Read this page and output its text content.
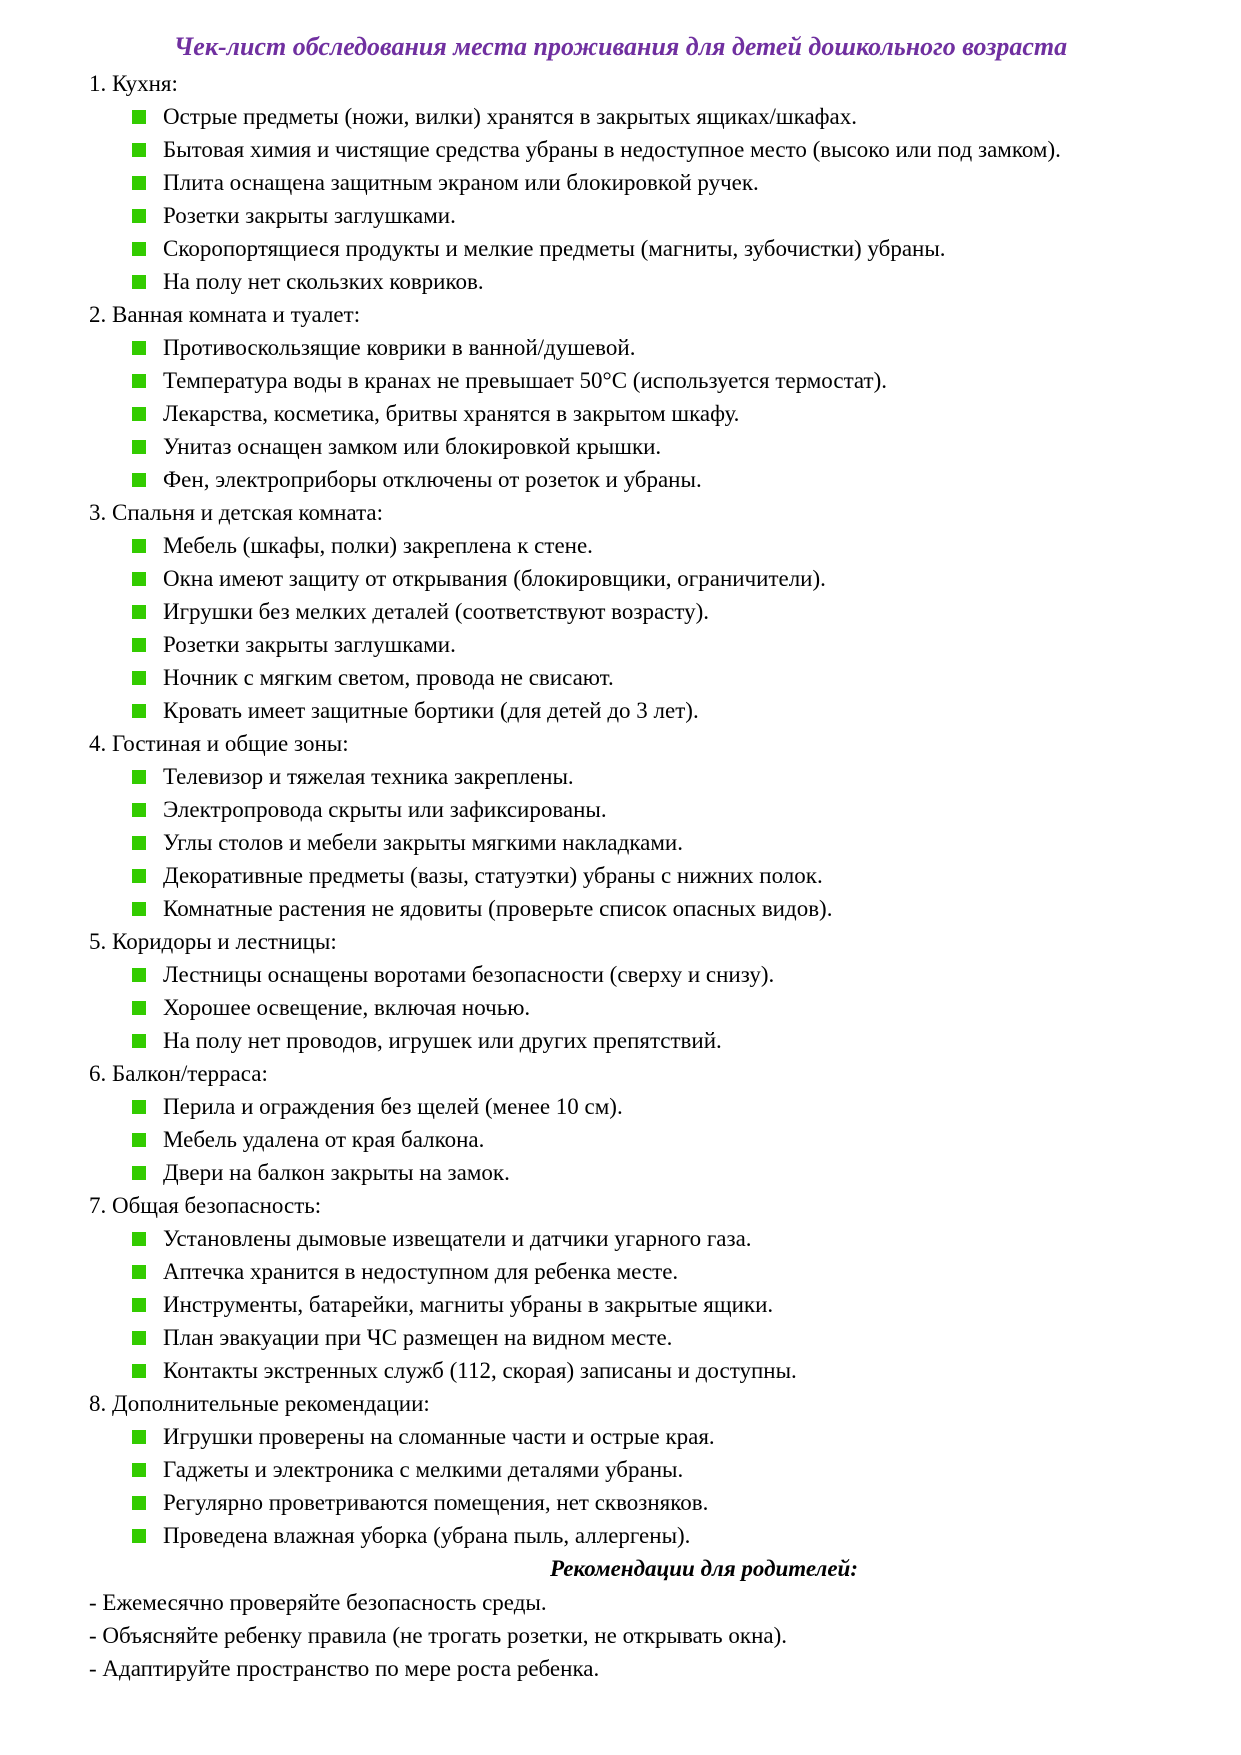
Чек-лист обследования места проживания для детей дошкольного возраста
1. Кухня:
Острые предметы (ножи, вилки) хранятся в закрытых ящиках/шкафах.
Бытовая химия и чистящие средства убраны в недоступное место (высоко или под замком).
Плита оснащена защитным экраном или блокировкой ручек.
Розетки закрыты заглушками.
Скоропортящиеся продукты и мелкие предметы (магниты, зубочистки) убраны.
На полу нет скользких ковриков.
2. Ванная комната и туалет:
Противоскользящие коврики в ванной/душевой.
Температура воды в кранах не превышает 50°C (используется термостат).
Лекарства, косметика, бритвы хранятся в закрытом шкафу.
Унитаз оснащен замком или блокировкой крышки.
Фен, электроприборы отключены от розеток и убраны.
3. Спальня и детская комната:
Мебель (шкафы, полки) закреплена к стене.
Окна имеют защиту от открывания (блокировщики, ограничители).
Игрушки без мелких деталей (соответствуют возрасту).
Розетки закрыты заглушками.
Ночник с мягким светом, провода не свисают.
Кровать имеет защитные бортики (для детей до 3 лет).
4. Гостиная и общие зоны:
Телевизор и тяжелая техника закреплены.
Электропровода скрыты или зафиксированы.
Углы столов и мебели закрыты мягкими накладками.
Декоративные предметы (вазы, статуэтки) убраны с нижних полок.
Комнатные растения не ядовиты (проверьте список опасных видов).
5. Коридоры и лестницы:
Лестницы оснащены воротами безопасности (сверху и снизу).
Хорошее освещение, включая ночью.
На полу нет проводов, игрушек или других препятствий.
6. Балкон/терраса:
Перила и ограждения без щелей (менее 10 см).
Мебель удалена от края балкона.
Двери на балкон закрыты на замок.
7. Общая безопасность:
Установлены дымовые извещатели и датчики угарного газа.
Аптечка хранится в недоступном для ребенка месте.
Инструменты, батарейки, магниты убраны в закрытые ящики.
План эвакуации при ЧС размещен на видном месте.
Контакты экстренных служб (112, скорая) записаны и доступны.
8. Дополнительные рекомендации:
Игрушки проверены на сломанные части и острые края.
Гаджеты и электроника с мелкими деталями убраны.
Регулярно проветриваются помещения, нет сквозняков.
Проведена влажная уборка (убрана пыль, аллергены).
Рекомендации для родителей:
- Ежемесячно проверяйте безопасность среды.
- Объясняйте ребенку правила (не трогать розетки, не открывать окна).
- Адаптируйте пространство по мере роста ребенка.
